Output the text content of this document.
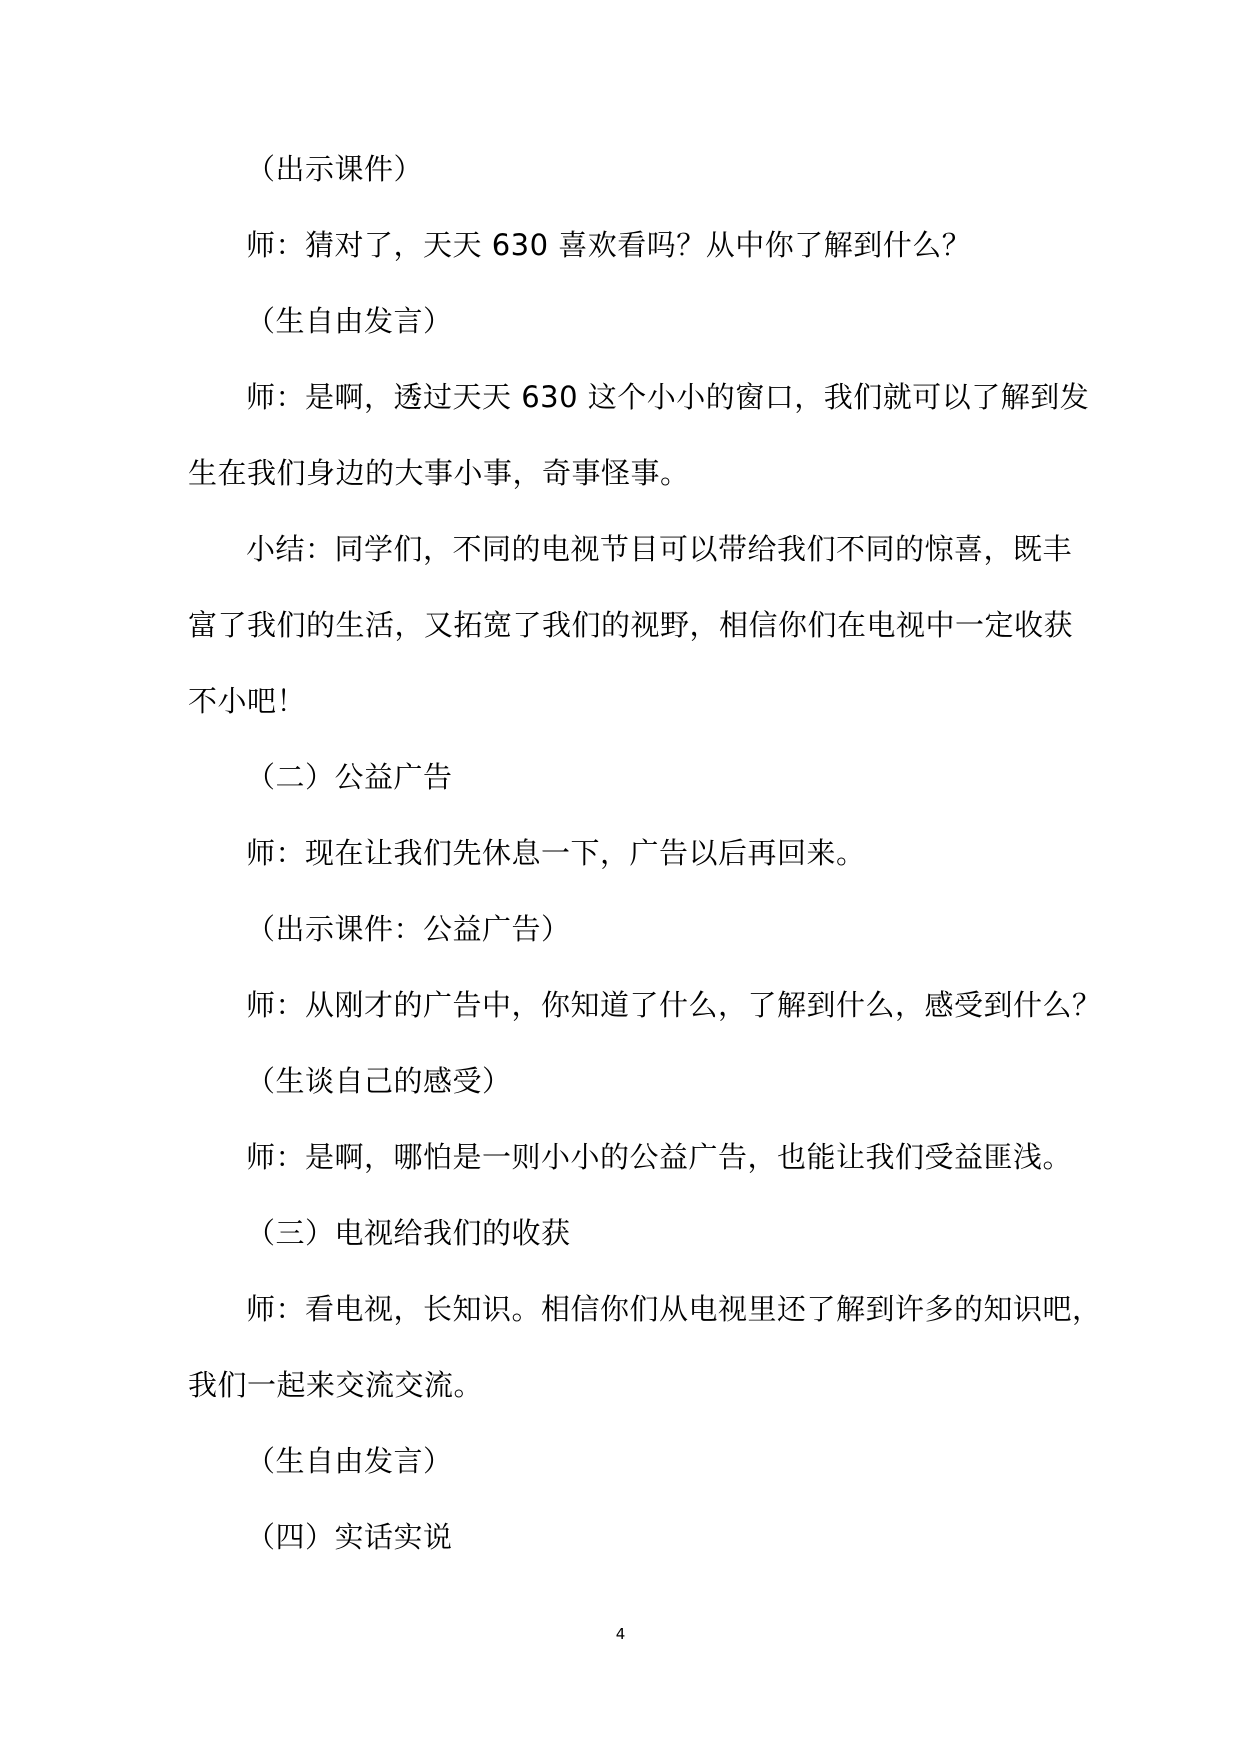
（出示课件）
师：猜对了，天天 630 喜欢看吗？从中你了解到什么？
（生自由发言）
师：是啊，透过天天 630 这个小小的窗口，我们就可以了解到发
生在我们身边的大事小事，奇事怪事。
小结：同学们，不同的电视节目可以带给我们不同的惊喜，既丰
富了我们的生活，又拓宽了我们的视野，相信你们在电视中一定收获
不小吧！
（二）公益广告
师：现在让我们先休息一下，广告以后再回来。
（出示课件：公益广告）
师：从刚才的广告中，你知道了什么，了解到什么，感受到什么？
（生谈自己的感受）
师：是啊，哪怕是一则小小的公益广告，也能让我们受益匪浅。
（三）电视给我们的收获
师：看电视，长知识。相信你们从电视里还了解到许多的知识吧，
我们一起来交流交流。
（生自由发言）
（四）实话实说
4
